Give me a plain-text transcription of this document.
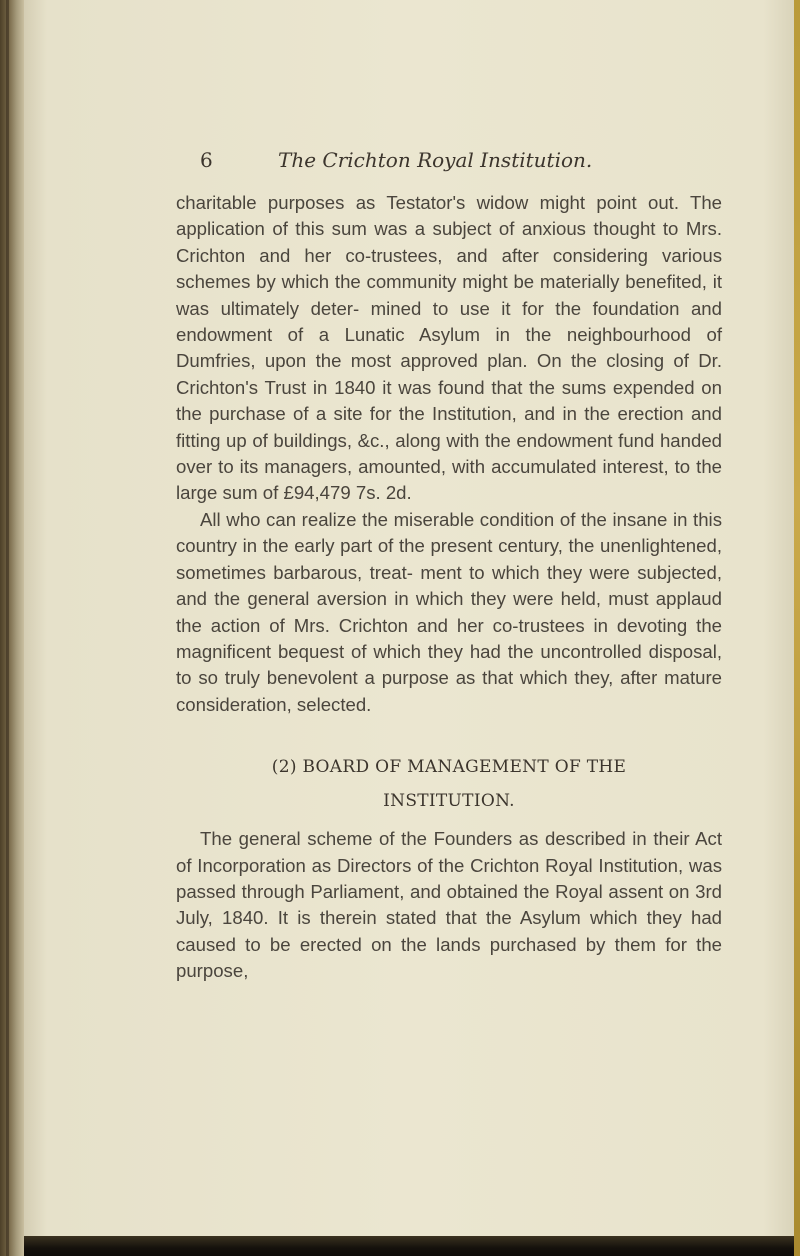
6	The Crichton Royal Institution.

charitable purposes as Testator's widow might point out. The application of this sum was a subject of anxious thought to Mrs. Crichton and her co-trustees, and after considering various schemes by which the community might be materially benefited, it was ultimately deter- mined to use it for the foundation and endowment of a Lunatic Asylum in the neighbourhood of Dumfries, upon the most approved plan. On the closing of Dr. Crichton's Trust in 1840 it was found that the sums expended on the purchase of a site for the Institution, and in the erection and fitting up of buildings, &c., along with the endowment fund handed over to its managers, amounted, with accumulated interest, to the large sum of £94,479 7s. 2d.

All who can realize the miserable condition of the insane in this country in the early part of the present century, the unenlightened, sometimes barbarous, treat- ment to which they were subjected, and the general aversion in which they were held, must applaud the action of Mrs. Crichton and her co-trustees in devoting the magnificent bequest of which they had the uncontrolled disposal, to so truly benevolent a purpose as that which they, after mature consideration, selected.

(2) BOARD OF MANAGEMENT OF THE
INSTITUTION.

The general scheme of the Founders as described in their Act of Incorporation as Directors of the Crichton Royal Institution, was passed through Parliament, and obtained the Royal assent on 3rd July, 1840. It is therein stated that the Asylum which they had caused to be erected on the lands purchased by them for the purpose,
